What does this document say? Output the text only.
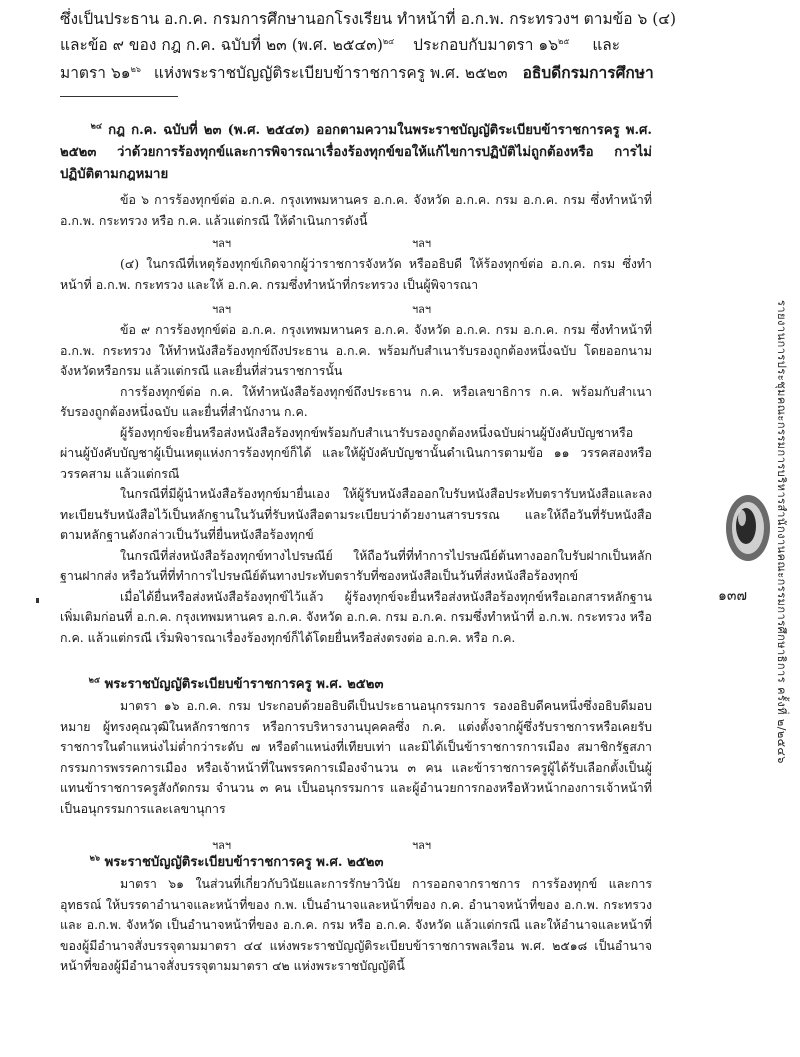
ซึ่งเป็นประธาน อ.ก.ค. กรมการศึกษานอกโรงเรียน ทำหน้าที่ อ.ก.พ. กระทรวงฯ ตามข้อ ๖ (๔)
และข้อ ๙ ของ กฎ ก.ค. ฉบับที่ ๒๓ (พ.ศ. ๒๕๔๓)$^{๒๔}$ ประกอบกับมาตรา ๑๖$^{๒๕}$ และ
มาตรา ๖๑$^{๒๖}$ แห่งพระราชบัญญัติระเบียบข้าราชการครู พ.ศ. ๒๕๒๓ อธิบดีกรมการศึกษา

$^{๒๔}$ กฎ ก.ค. ฉบับที่ ๒๓ (พ.ศ. ๒๕๔๓) ออกตามความในพระราชบัญญัติระเบียบข้าราชการครู พ.ศ. ๒๕๒๓ ว่าด้วยการร้องทุกข์และการพิจารณาเรื่องร้องทุกข์ขอให้แก้ไขการปฏิบัติไม่ถูกต้องหรือ การไม่ปฏิบัติตามกฎหมาย

ข้อ ๖ การร้องทุกข์ต่อ อ.ก.ค. กรุงเทพมหานคร อ.ก.ค. จังหวัด อ.ก.ค. กรม อ.ก.ค. กรม ซึ่งทำหน้าที่ อ.ก.พ. กระทรวง หรือ ก.ค. แล้วแต่กรณี ให้ดำเนินการดังนี้

ฯลฯ	ฯลฯ

(๔) ในกรณีที่เหตุร้องทุกข์เกิดจากผู้ว่าราชการจังหวัด หรืออธิบดี ให้ร้องทุกข์ต่อ อ.ก.ค. กรม ซึ่งทำหน้าที่ อ.ก.พ. กระทรวง และให้ อ.ก.ค. กรมซึ่งทำหน้าที่กระทรวง เป็นผู้พิจารณา

ฯลฯ	ฯลฯ

ข้อ ๙ การร้องทุกข์ต่อ อ.ก.ค. กรุงเทพมหานคร อ.ก.ค. จังหวัด อ.ก.ค. กรม อ.ก.ค. กรม ซึ่งทำหน้าที่ อ.ก.พ. กระทรวง ให้ทำหนังสือร้องทุกข์ถึงประธาน อ.ก.ค. พร้อมกับสำเนารับรองถูกต้องหนึ่งฉบับ โดยออกนามจังหวัดหรือกรม แล้วแต่กรณี และยื่นที่ส่วนราชการนั้น

การร้องทุกข์ต่อ ก.ค. ให้ทำหนังสือร้องทุกข์ถึงประธาน ก.ค. หรือเลขาธิการ ก.ค. พร้อมกับสำเนารับรองถูกต้องหนึ่งฉบับ และยื่นที่สำนักงาน ก.ค.

ผู้ร้องทุกข์จะยื่นหรือส่งหนังสือร้องทุกข์พร้อมกับสำเนารับรองถูกต้องหนึ่งฉบับผ่านผู้บังคับบัญชาหรือผ่านผู้บังคับบัญชาผู้เป็นเหตุแห่งการร้องทุกข์ก็ได้ และให้ผู้บังคับบัญชานั้นดำเนินการตามข้อ ๑๑ วรรคสองหรือวรรคสาม แล้วแต่กรณี

ในกรณีที่มีผู้นำหนังสือร้องทุกข์มายื่นเอง ให้ผู้รับหนังสือออกใบรับหนังสือประทับตรารับหนังสือและลงทะเบียนรับหนังสือไว้เป็นหลักฐานในวันที่รับหนังสือตามระเบียบว่าด้วยงานสารบรรณ และให้ถือวันที่รับหนังสือตามหลักฐานดังกล่าวเป็นวันที่ยื่นหนังสือร้องทุกข์

ในกรณีที่ส่งหนังสือร้องทุกข์ทางไปรษณีย์ ให้ถือวันที่ที่ทำการไปรษณีย์ต้นทางออกใบรับฝากเป็นหลักฐานฝากส่ง หรือวันที่ที่ทำการไปรษณีย์ต้นทางประทับตรารับที่ซองหนังสือเป็นวันที่ส่งหนังสือร้องทุกข์

เมื่อได้ยื่นหรือส่งหนังสือร้องทุกข์ไว้แล้ว ผู้ร้องทุกข์จะยื่นหรือส่งหนังสือร้องทุกข์หรือเอกสารหลักฐานเพิ่มเติมก่อนที่ อ.ก.ค. กรุงเทพมหานคร อ.ก.ค. จังหวัด อ.ก.ค. กรม อ.ก.ค. กรมซึ่งทำหน้าที่ อ.ก.พ. กระทรวง หรือ ก.ค. แล้วแต่กรณี เริ่มพิจารณาเรื่องร้องทุกข์ก็ได้โดยยื่นหรือส่งตรงต่อ อ.ก.ค. หรือ ก.ค.

$^{๒๕}$ พระราชบัญญัติระเบียบข้าราชการครู พ.ศ. ๒๕๒๓

มาตรา ๑๖ อ.ก.ค. กรม ประกอบด้วยอธิบดีเป็นประธานอนุกรรมการ รองอธิบดีคนหนึ่งซึ่งอธิบดีมอบหมาย ผู้ทรงคุณวุฒิในหลักราชการ หรือการบริหารงานบุคคลซึ่ง ก.ค. แต่งตั้งจากผู้ซึ่งรับราชการหรือเคยรับราชการในตำแหน่งไม่ต่ำกว่าระดับ ๗ หรือตำแหน่งที่เทียบเท่า และมิได้เป็นข้าราชการการเมือง สมาชิกรัฐสภา กรรมการพรรคการเมือง หรือเจ้าหน้าที่ในพรรคการเมืองจำนวน ๓ คน และข้าราชการครูผู้ได้รับเลือกตั้งเป็นผู้แทนข้าราชการครูสังกัดกรม จำนวน ๓ คน เป็นอนุกรรมการ และผู้อำนวยการกองหรือหัวหน้ากองการเจ้าหน้าที่เป็นอนุกรรมการและเลขานุการ

ฯลฯ	ฯลฯ

$^{๒๖}$ พระราชบัญญัติระเบียบข้าราชการครู พ.ศ. ๒๕๒๓

มาตรา ๖๑ ในส่วนที่เกี่ยวกับวินัยและการรักษาวินัย การออกจากราชการ การร้องทุกข์ และการอุทธรณ์ ให้บรรดาอำนาจและหน้าที่ของ ก.พ. เป็นอำนาจและหน้าที่ของ ก.ค. อำนาจหน้าที่ของ อ.ก.พ. กระทรวง และ อ.ก.พ. จังหวัด เป็นอำนาจหน้าที่ของ อ.ก.ค. กรม หรือ อ.ก.ค. จังหวัด แล้วแต่กรณี และให้อำนาจและหน้าที่ของผู้มีอำนาจสั่งบรรจุตามมาตรา ๔๔ แห่งพระราชบัญญัติระเบียบข้าราชการพลเรือน พ.ศ. ๒๕๑๘ เป็นอำนาจหน้าที่ของผู้มีอำนาจสั่งบรรจุตามมาตรา ๔๒ แห่งพระราชบัญญัตินี้

รายงานการประชุมคณะกรรมการบริหารสำนักงานคณะกรรมการศึกษาธิการ ครั้งที่ ๒/๒๕๔๖
๑๓๗
